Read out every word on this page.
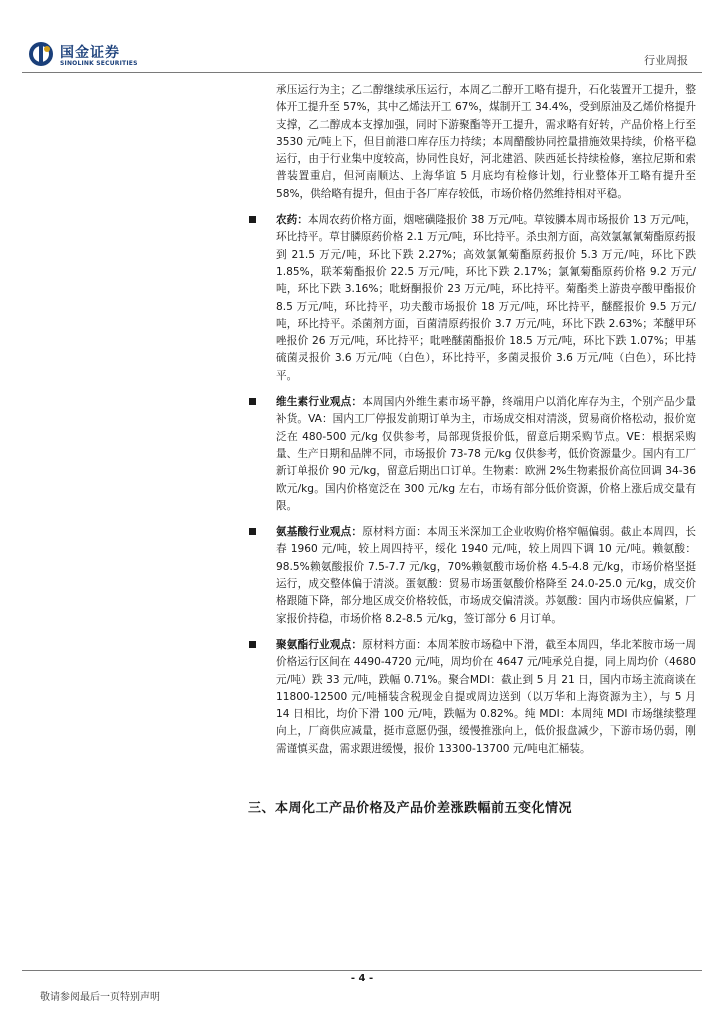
国金证券
SINOLINK SECURITIES	行业周报

承压运行为主；乙二醇继续承压运行，本周乙二醇开工略有提升，石化装置开工提升，整体开工提升至 57%，其中乙烯法开工 67%，煤制开工 34.4%，受到原油及乙烯价格提升支撑，乙二醇成本支撑加强，同时下游聚酯等开工提升，需求略有好转，产品价格上行至 3530 元/吨上下，但目前港口库存压力持续；本周醋酸协同控量措施效果持续，价格平稳运行，由于行业集中度较高，协同性良好，河北建滔、陕西延长持续检修，塞拉尼斯和索普装置重启，但河南顺达、上海华谊 5 月底均有检修计划，行业整体开工略有提升至 58%，供给略有提升，但由于各厂库存较低，市场价格仍然维持相对平稳。

农药：本周农药价格方面，烟嘧磺隆报价 38 万元/吨。草铵膦本周市场报价 13 万元/吨，环比持平。草甘膦原药价格 2.1 万元/吨，环比持平。杀虫剂方面，高效氯氟氰菊酯原药报到 21.5 万元/吨，环比下跌 2.27%；高效氯氰菊酯原药报价 5.3 万元/吨，环比下跌 1.85%，联苯菊酯报价 22.5 万元/吨，环比下跌 2.17%；氯氰菊酯原药价格 9.2 万元/吨，环比下跌 3.16%；吡蚜酮报价 23 万元/吨，环比持平。菊酯类上游贵亭酸甲酯报价 8.5 万元/吨，环比持平，功夫酸市场报价 18 万元/吨，环比持平，醚醛报价 9.5 万元/吨，环比持平。杀菌剂方面，百菌清原药报价 3.7 万元/吨，环比下跌 2.63%；苯醚甲环唑报价 26 万元/吨，环比持平；吡唑醚菌酯报价 18.5 万元/吨，环比下跌 1.07%；甲基硫菌灵报价 3.6 万元/吨（白色），环比持平，多菌灵报价 3.6 万元/吨（白色），环比持平。

维生素行业观点：本周国内外维生素市场平静，终端用户以消化库存为主，个别产品少量补货。VA：国内工厂停报发前期订单为主，市场成交相对清淡，贸易商价格松动，报价宽泛在 480-500 元/kg 仅供参考，局部现货报价低，留意后期采购节点。VE：根据采购量、生产日期和品牌不同，市场报价 73-78 元/kg 仅供参考，低价资源量少。国内有工厂新订单报价 90 元/kg，留意后期出口订单。生物素：欧洲 2%生物素报价高位回调 34-36 欧元/kg。国内价格宽泛在 300 元/kg 左右，市场有部分低价资源，价格上涨后成交量有限。

氨基酸行业观点：原材料方面：本周玉米深加工企业收购价格窄幅偏弱。截止本周四，长春 1960 元/吨，较上周四持平，绥化 1940 元/吨，较上周四下调 10 元/吨。赖氨酸：98.5%赖氨酸报价 7.5-7.7 元/kg，70%赖氨酸市场价格 4.5-4.8 元/kg，市场价格坚挺运行，成交整体偏于清淡。蛋氨酸：贸易市场蛋氨酸价格降至 24.0-25.0 元/kg，成交价格跟随下降，部分地区成交价格较低，市场成交偏清淡。苏氨酸：国内市场供应偏紧，厂家报价持稳，市场价格 8.2-8.5 元/kg，签订部分 6 月订单。

聚氨酯行业观点：原材料方面：本周苯胺市场稳中下滑，截至本周四，华北苯胺市场一周价格运行区间在 4490-4720 元/吨，周均价在 4647 元/吨承兑自提，同上周均价（4680 元/吨）跌 33 元/吨，跌幅 0.71%。聚合MDI：截止到 5 月 21 日，国内市场主流商谈在 11800-12500 元/吨桶装含税现金自提或周边送到（以万华和上海资源为主），与 5 月 14 日相比，均价下滑 100 元/吨，跌幅为 0.82%。纯 MDI：本周纯 MDI 市场继续整理向上，厂商供应减量，挺市意愿仍强，缓慢推涨向上，低价报盘减少，下游市场仍弱，刚需谨慎买盘，需求跟进缓慢，报价 13300-13700 元/吨电汇桶装。

三、本周化工产品价格及产品价差涨跌幅前五变化情况
- 4 -
敬请参阅最后一页特别声明
